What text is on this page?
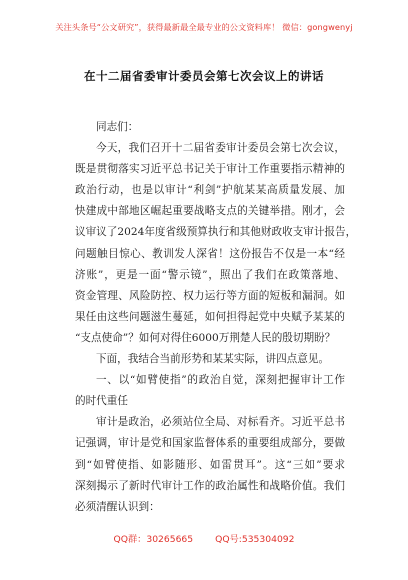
关注头条号“公文研究”，获得最新最全最专业的公文资料库！ 微信：gongwenyj
在十二届省委审计委员会第七次会议上的讲话
同志们：
今天，我们召开十二届省委审计委员会第七次会议，
既是贯彻落实习近平总书记关于审计工作重要指示精神的
政治行动，也是以审计“利剑”护航某某高质量发展、加
快建成中部地区崛起重要战略支点的关键举措。刚才，会
议审议了2024年度省级预算执行和其他财政收支审计报告，
问题触目惊心、教训发人深省！这份报告不仅是一本“经
济账”，更是一面“警示镜”，照出了我们在政策落地、
资金管理、风险防控、权力运行等方面的短板和漏洞。如
果任由这些问题滋生蔓延，如何担得起党中央赋予某某的
“支点使命”？如何对得住6000万荆楚人民的殷切期盼？
下面，我结合当前形势和某某实际，讲四点意见。
一、以“如臂使指”的政治自觉，深刻把握审计工作
的时代重任
审计是政治，必须站位全局、对标看齐。习近平总书
记强调，审计是党和国家监督体系的重要组成部分，要做
到“如臂使指、如影随形、如雷贯耳”。这“三如”要求
深刻揭示了新时代审计工作的政治属性和战略价值。我们
必须清醒认识到：
QQ群：30265665 QQ号:535304092
